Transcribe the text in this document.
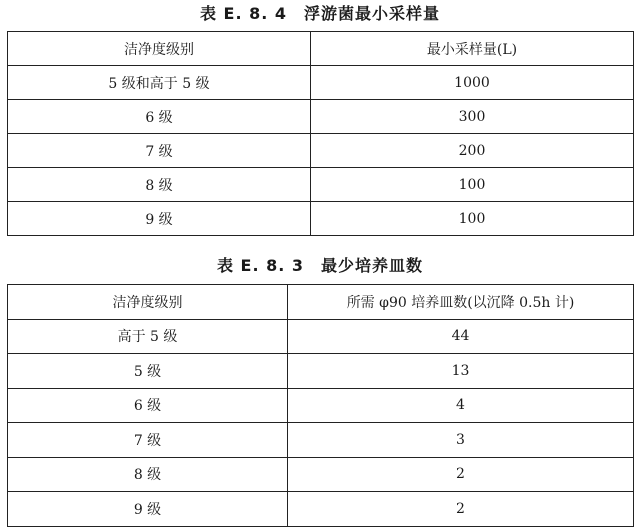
表 E. 8. 4　浮游菌最小采样量
洁净度级别	最小采样量(L)
5 级和高于 5 级	1000
6 级	300
7 级	200
8 级	100
9 级	100
表 E. 8. 3　最少培养皿数
洁净度级别	所需 φ90 培养皿数(以沉降 0.5h 计)
高于 5 级	44
5 级	13
6 级	4
7 级	3
8 级	2
9 级	2
